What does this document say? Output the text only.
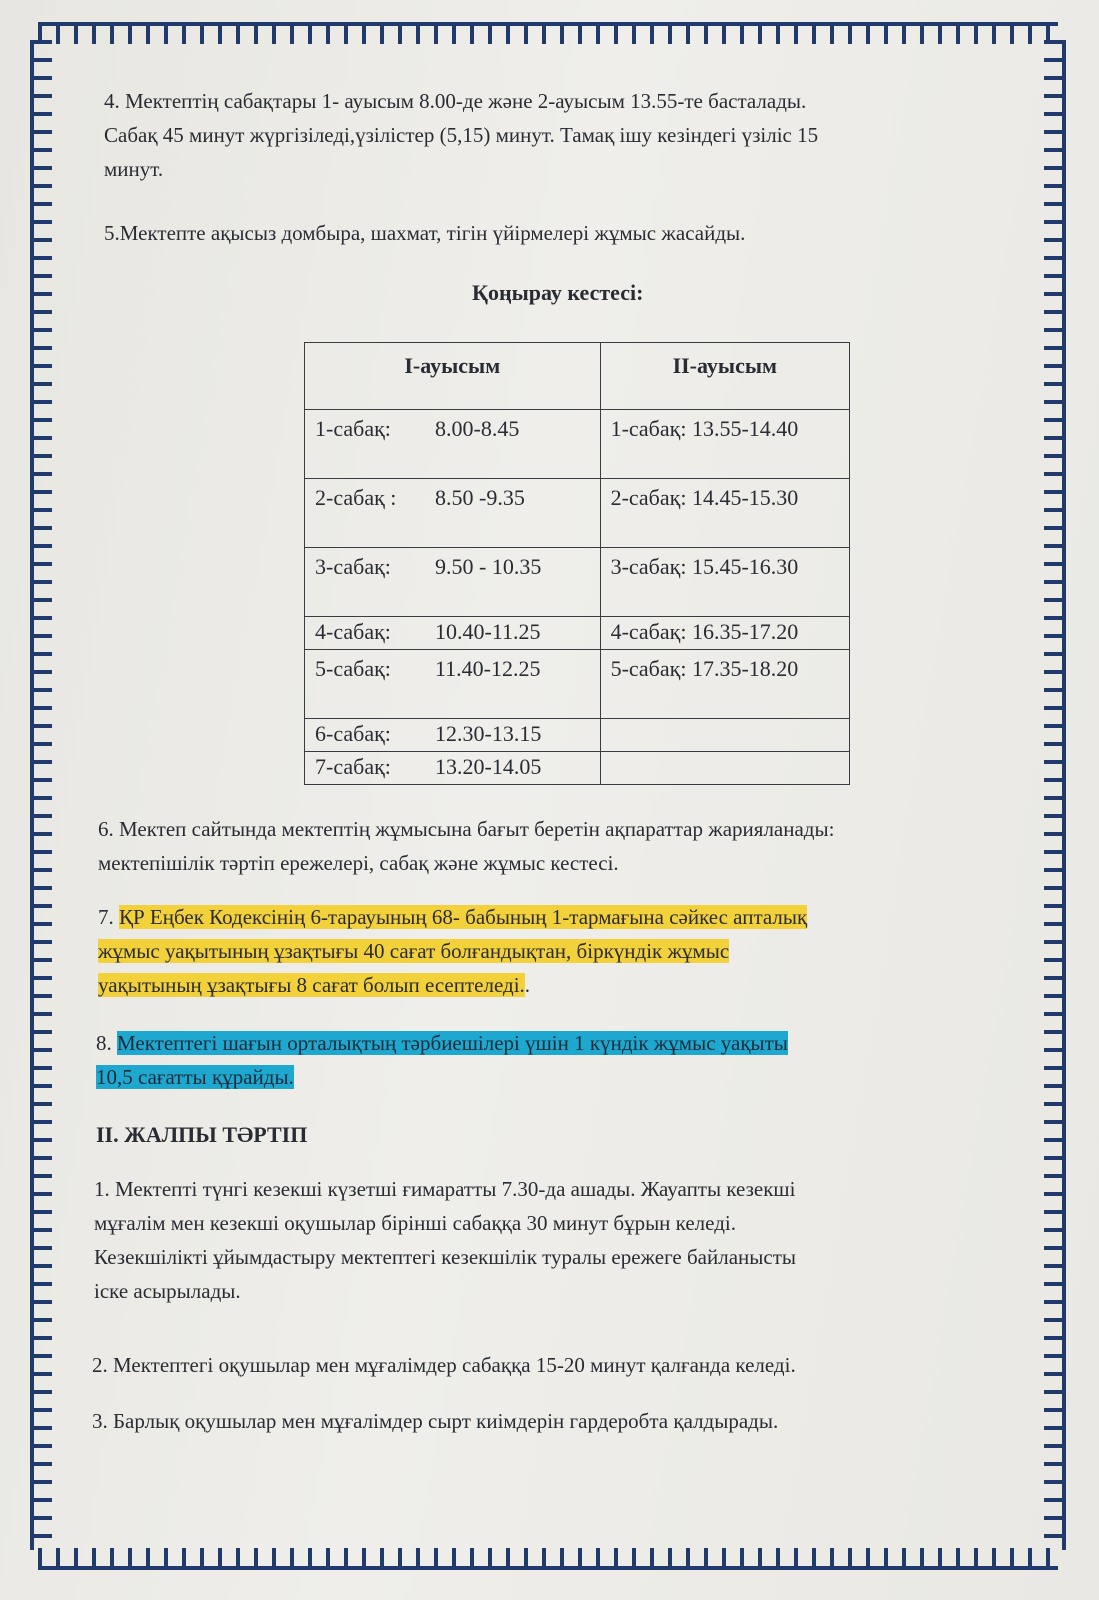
4. Мектептің сабақтары 1- ауысым 8.00-де және 2-ауысым 13.55-те басталады.
Сабақ 45 минут жүргізіледі,үзілістер (5,15) минут. Тамақ ішу кезіндегі үзіліс 15
минут.
5.Мектепте ақысыз домбыра, шахмат, тігін үйірмелері жұмыс жасайды.
Қоңырау кестесі:
І-ауысым	ІІ-ауысым
1-сабақ: 8.00-8.45	1-сабақ: 13.55-14.40
2-сабақ : 8.50 -9.35	2-сабақ: 14.45-15.30
3-сабақ: 9.50 - 10.35	3-сабақ: 15.45-16.30
4-сабақ: 10.40-11.25	4-сабақ: 16.35-17.20
5-сабақ: 11.40-12.25	5-сабақ: 17.35-18.20
6-сабақ: 12.30-13.15	
7-сабақ: 13.20-14.05	
6. Мектеп сайтында мектептің жұмысына бағыт беретін ақпараттар жарияланады:
мектепішілік тәртіп ережелері, сабақ және жұмыс кестесі.
7. ҚР Еңбек Кодексінің 6-тарауының 68- бабының 1-тармағына сәйкес апталық
жұмыс уақытының ұзақтығы 40 сағат болғандықтан, біркүндік жұмыс
уақытының ұзақтығы 8 сағат болып есептеледі..
8. Мектептегі шағын орталықтың тәрбиешілері үшін 1 күндік жұмыс уақыты
10,5 сағатты құрайды.
ІІ. ЖАЛПЫ ТӘРТІП
1. Мектепті түнгі кезекші күзетші ғимаратты 7.30-да ашады. Жауапты кезекші
мұғалім мен кезекші оқушылар бірінші сабаққа 30 минут бұрын келеді.
Кезекшілікті ұйымдастыру мектептегі кезекшілік туралы ережеге байланысты
іске асырылады.
2. Мектептегі оқушылар мен мұғалімдер сабаққа 15-20 минут қалғанда келеді.
3. Барлық оқушылар мен мұғалімдер сырт киімдерін гардеробта қалдырады.
